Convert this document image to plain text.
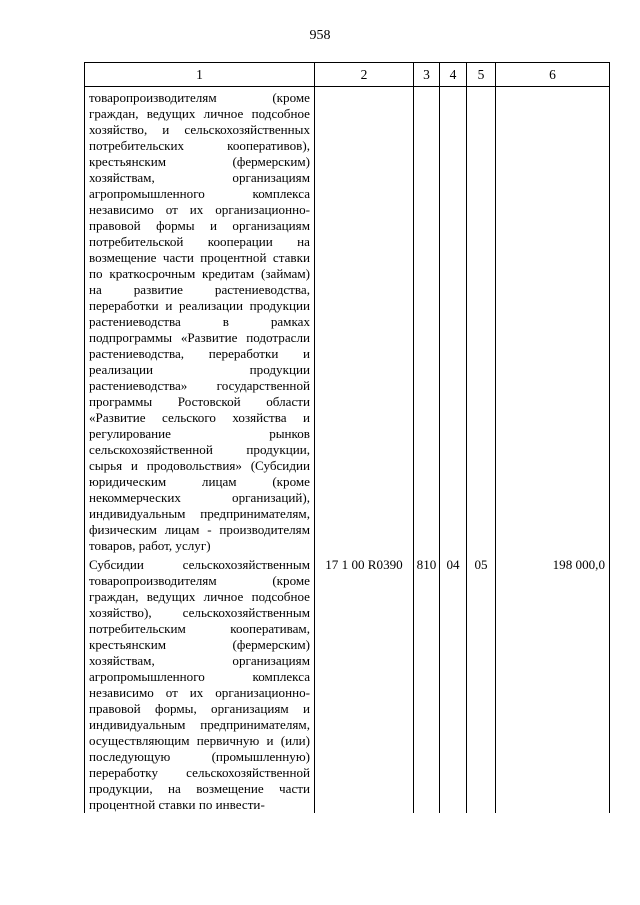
958
1	2	3	4	5	6

товаропроизводителям (кроме граждан, ведущих личное подсобное хозяйство, и сельскохозяйственных потребительских кооперативов), крестьянским (фермерским) хозяйствам, организациям агропромышленного комплекса независимо от их организационно-правовой формы и организациям потребительской кооперации на возмещение части процентной ставки по краткосрочным кредитам (займам) на развитие растениеводства, переработки и реализации продукции растениеводства в рамках подпрограммы «Развитие подотрасли растениеводства, переработки и реализации продукции растениеводства» государственной программы Ростовской области «Развитие сельского хозяйства и регулирование рынков сельскохозяйственной продукции, сырья и продовольствия» (Субсидии юридическим лицам (кроме некоммерческих организаций), индивидуальным предпринимателям, физическим лицам - производителям товаров, работ, услуг)					

Субсидии сельскохозяйственным товаропроизводителям (кроме граждан, ведущих личное подсобное хозяйство), сельскохозяйственным потребительским кооперативам, крестьянским (фермерским) хозяйствам, организациям агропромышленного комплекса независимо от их организационно-правовой формы, организациям и индивидуальным предпринимателям, осуществляющим первичную и (или) последующую (промышленную) переработку сельскохозяйственной продукции, на возмещение части процентной ставки по инвести-	17 1 00 R0390	810	04	05	198 000,0
